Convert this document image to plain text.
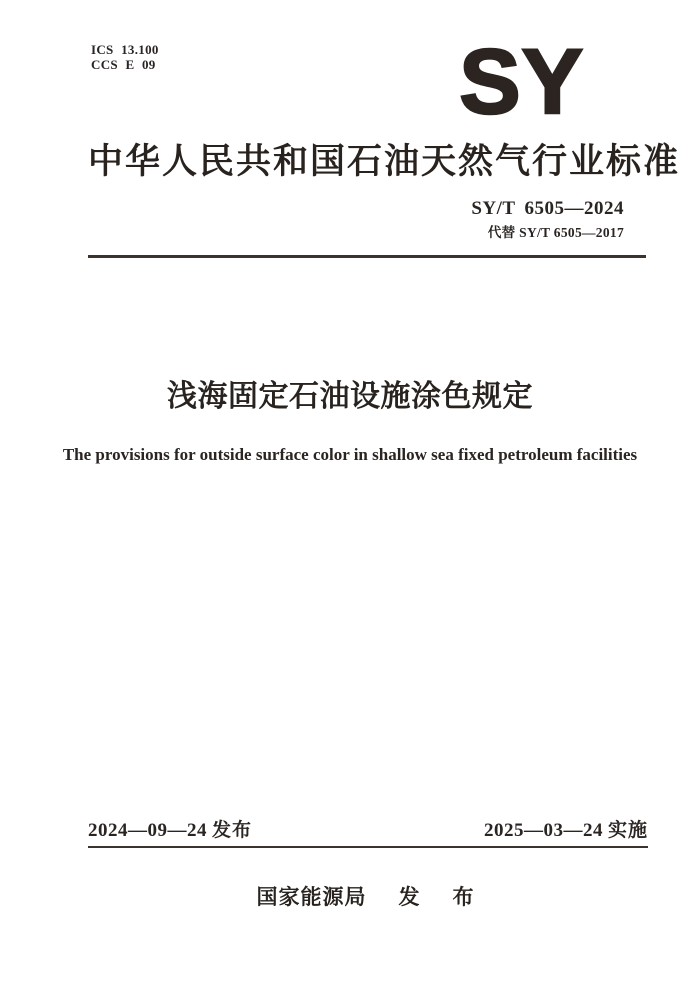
ICS 13.100
CCS E 09	SY
中华人民共和国石油天然气行业标准
SY/T 6505—2024
代替 SY/T 6505—2017
浅海固定石油设施涂色规定
The provisions for outside surface color in shallow sea fixed petroleum facilities
2024—09—24 发布	2025—03—24 实施
国家能源局 发　布
